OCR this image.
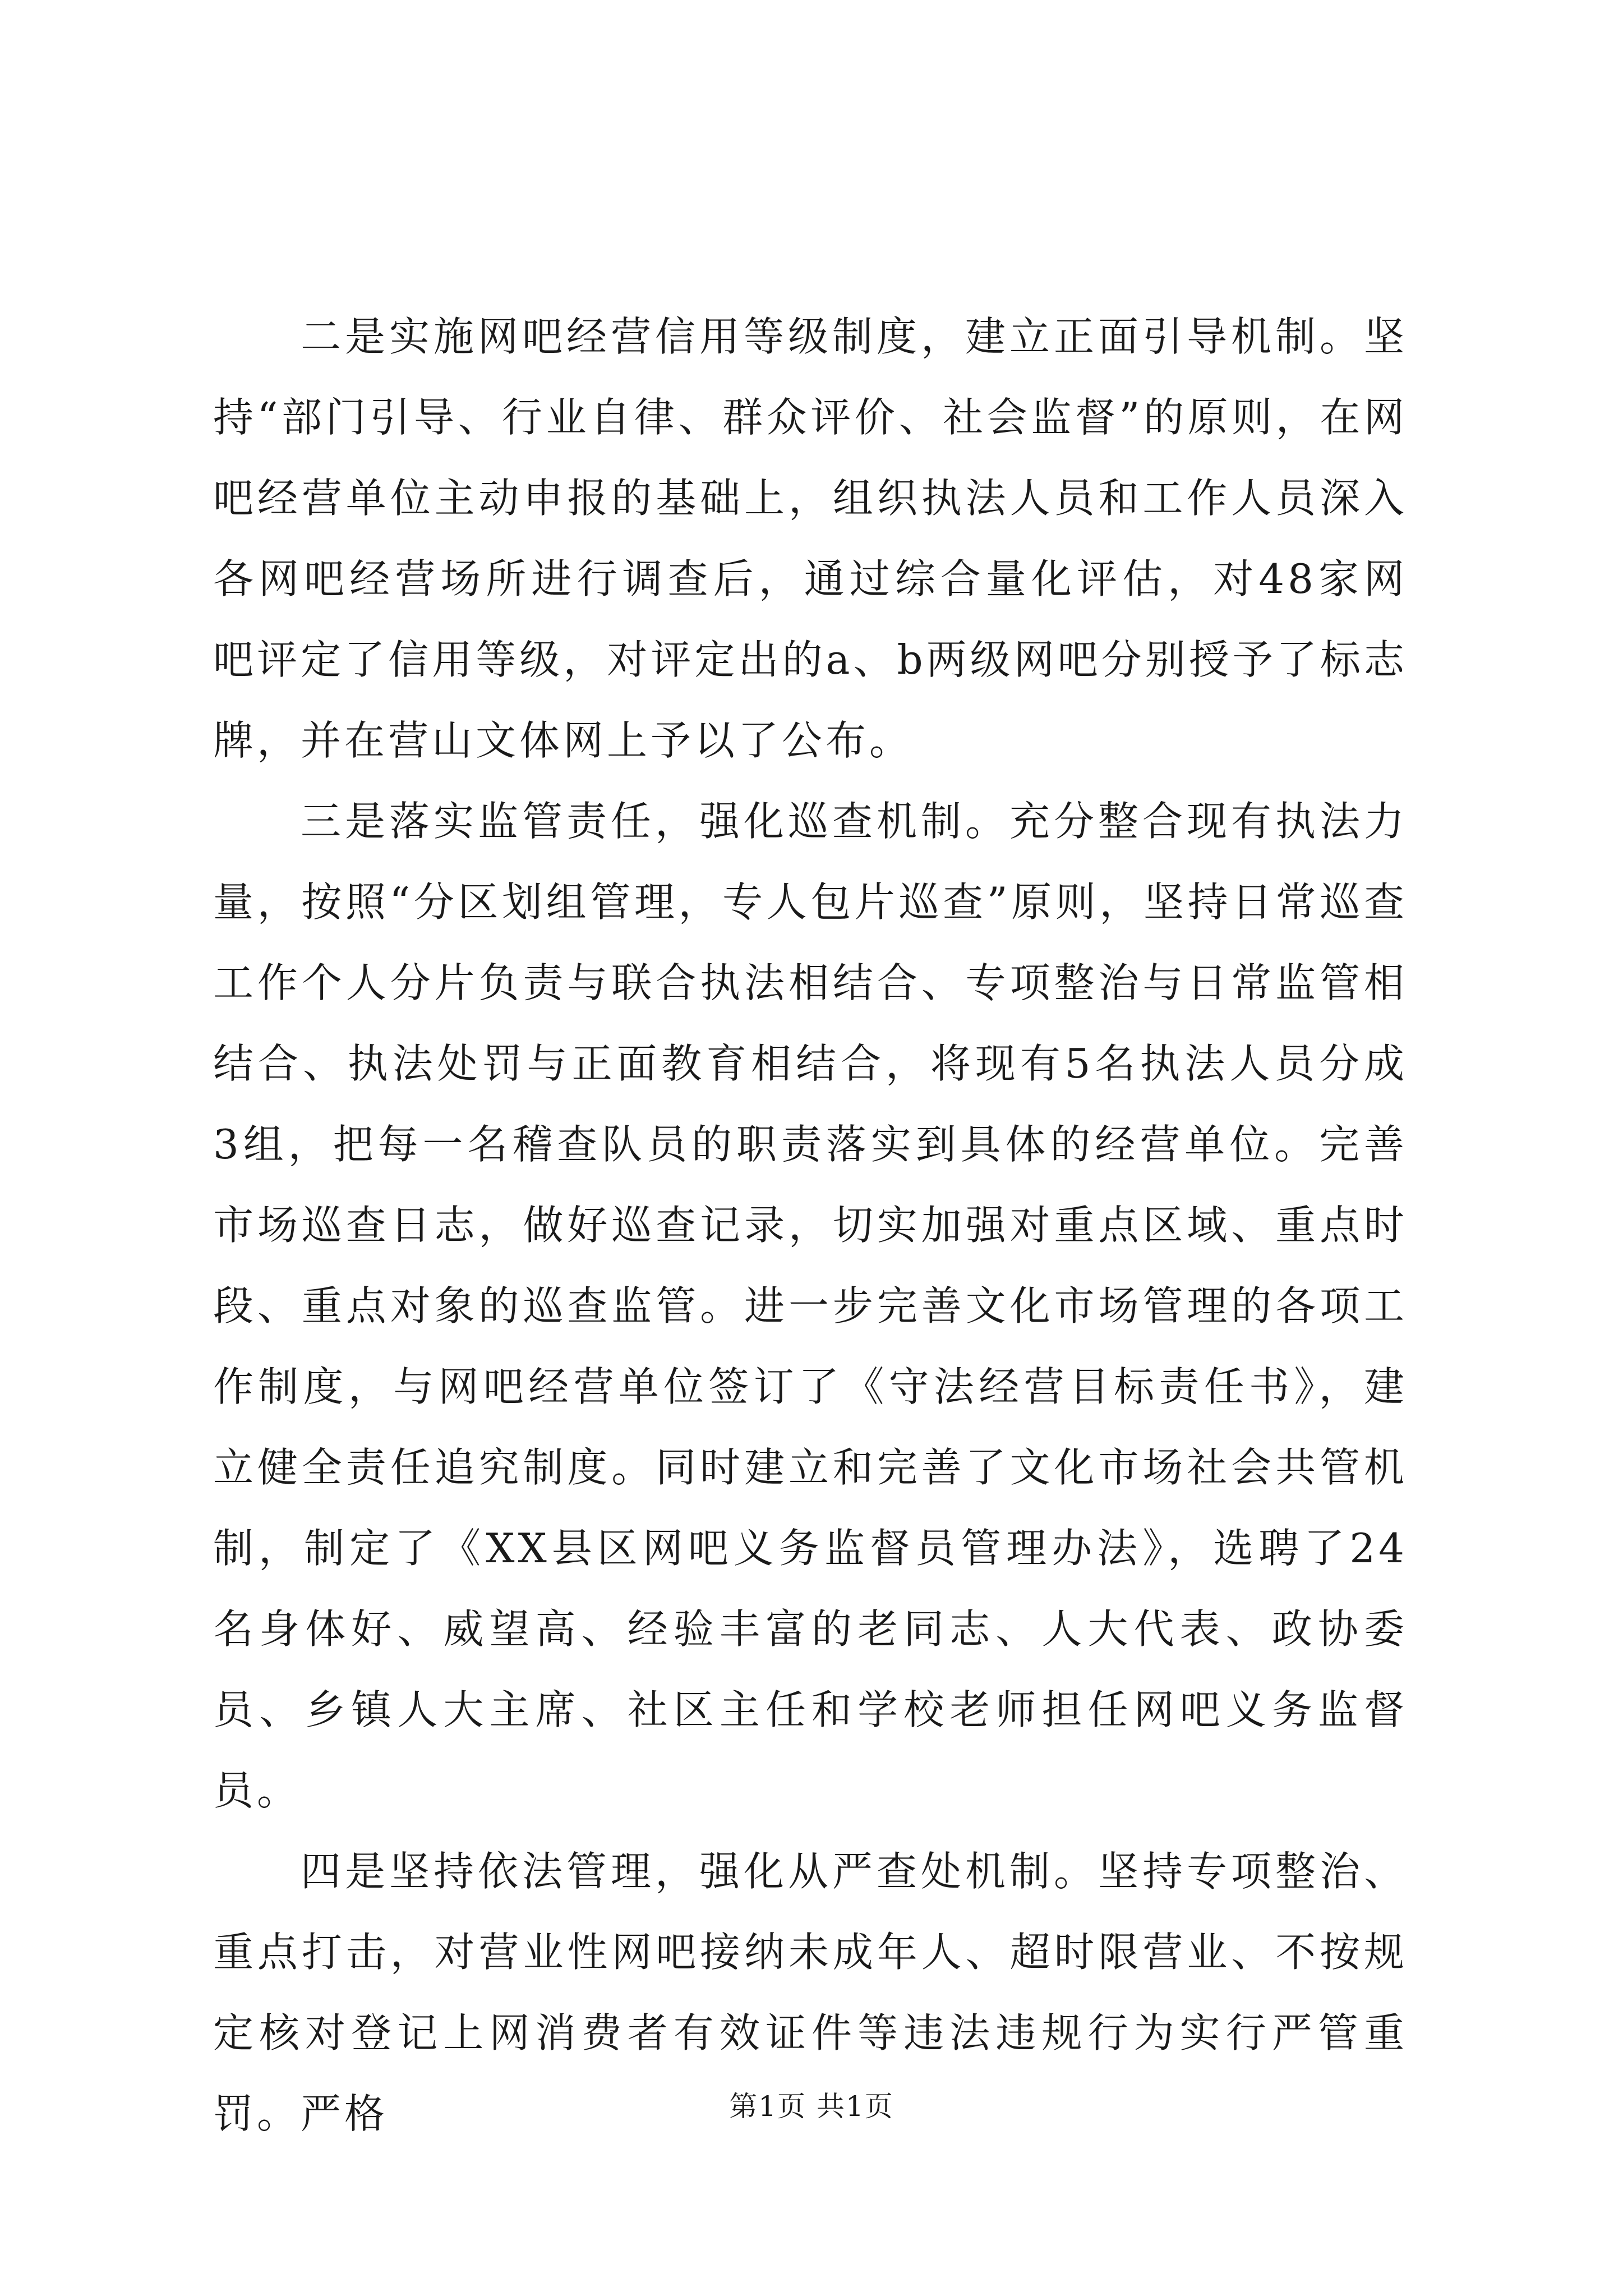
二是实施网吧经营信用等级制度，建立正面引导机制。坚持“部门引导、行业自律、群众评价、社会监督”的原则，在网吧经营单位主动申报的基础上，组织执法人员和工作人员深入各网吧经营场所进行调查后，通过综合量化评估，对48家网吧评定了信用等级，对评定出的a、b两级网吧分别授予了标志牌，并在营山文体网上予以了公布。

三是落实监管责任，强化巡查机制。充分整合现有执法力量，按照“分区划组管理，专人包片巡查”原则，坚持日常巡查工作个人分片负责与联合执法相结合、专项整治与日常监管相结合、执法处罚与正面教育相结合，将现有5名执法人员分成3组，把每一名稽查队员的职责落实到具体的经营单位。完善市场巡查日志，做好巡查记录，切实加强对重点区域、重点时段、重点对象的巡查监管。进一步完善文化市场管理的各项工作制度，与网吧经营单位签订了《守法经营目标责任书》，建立健全责任追究制度。同时建立和完善了文化市场社会共管机制，制定了《XX县区网吧义务监督员管理办法》，选聘了24名身体好、威望高、经验丰富的老同志、人大代表、政协委员、乡镇人大主席、社区主任和学校老师担任网吧义务监督员。

四是坚持依法管理，强化从严查处机制。坚持专项整治、重点打击，对营业性网吧接纳未成年人、超时限营业、不按规定核对登记上网消费者有效证件等违法违规行为实行严管重罚。严格	第1页 共1页
